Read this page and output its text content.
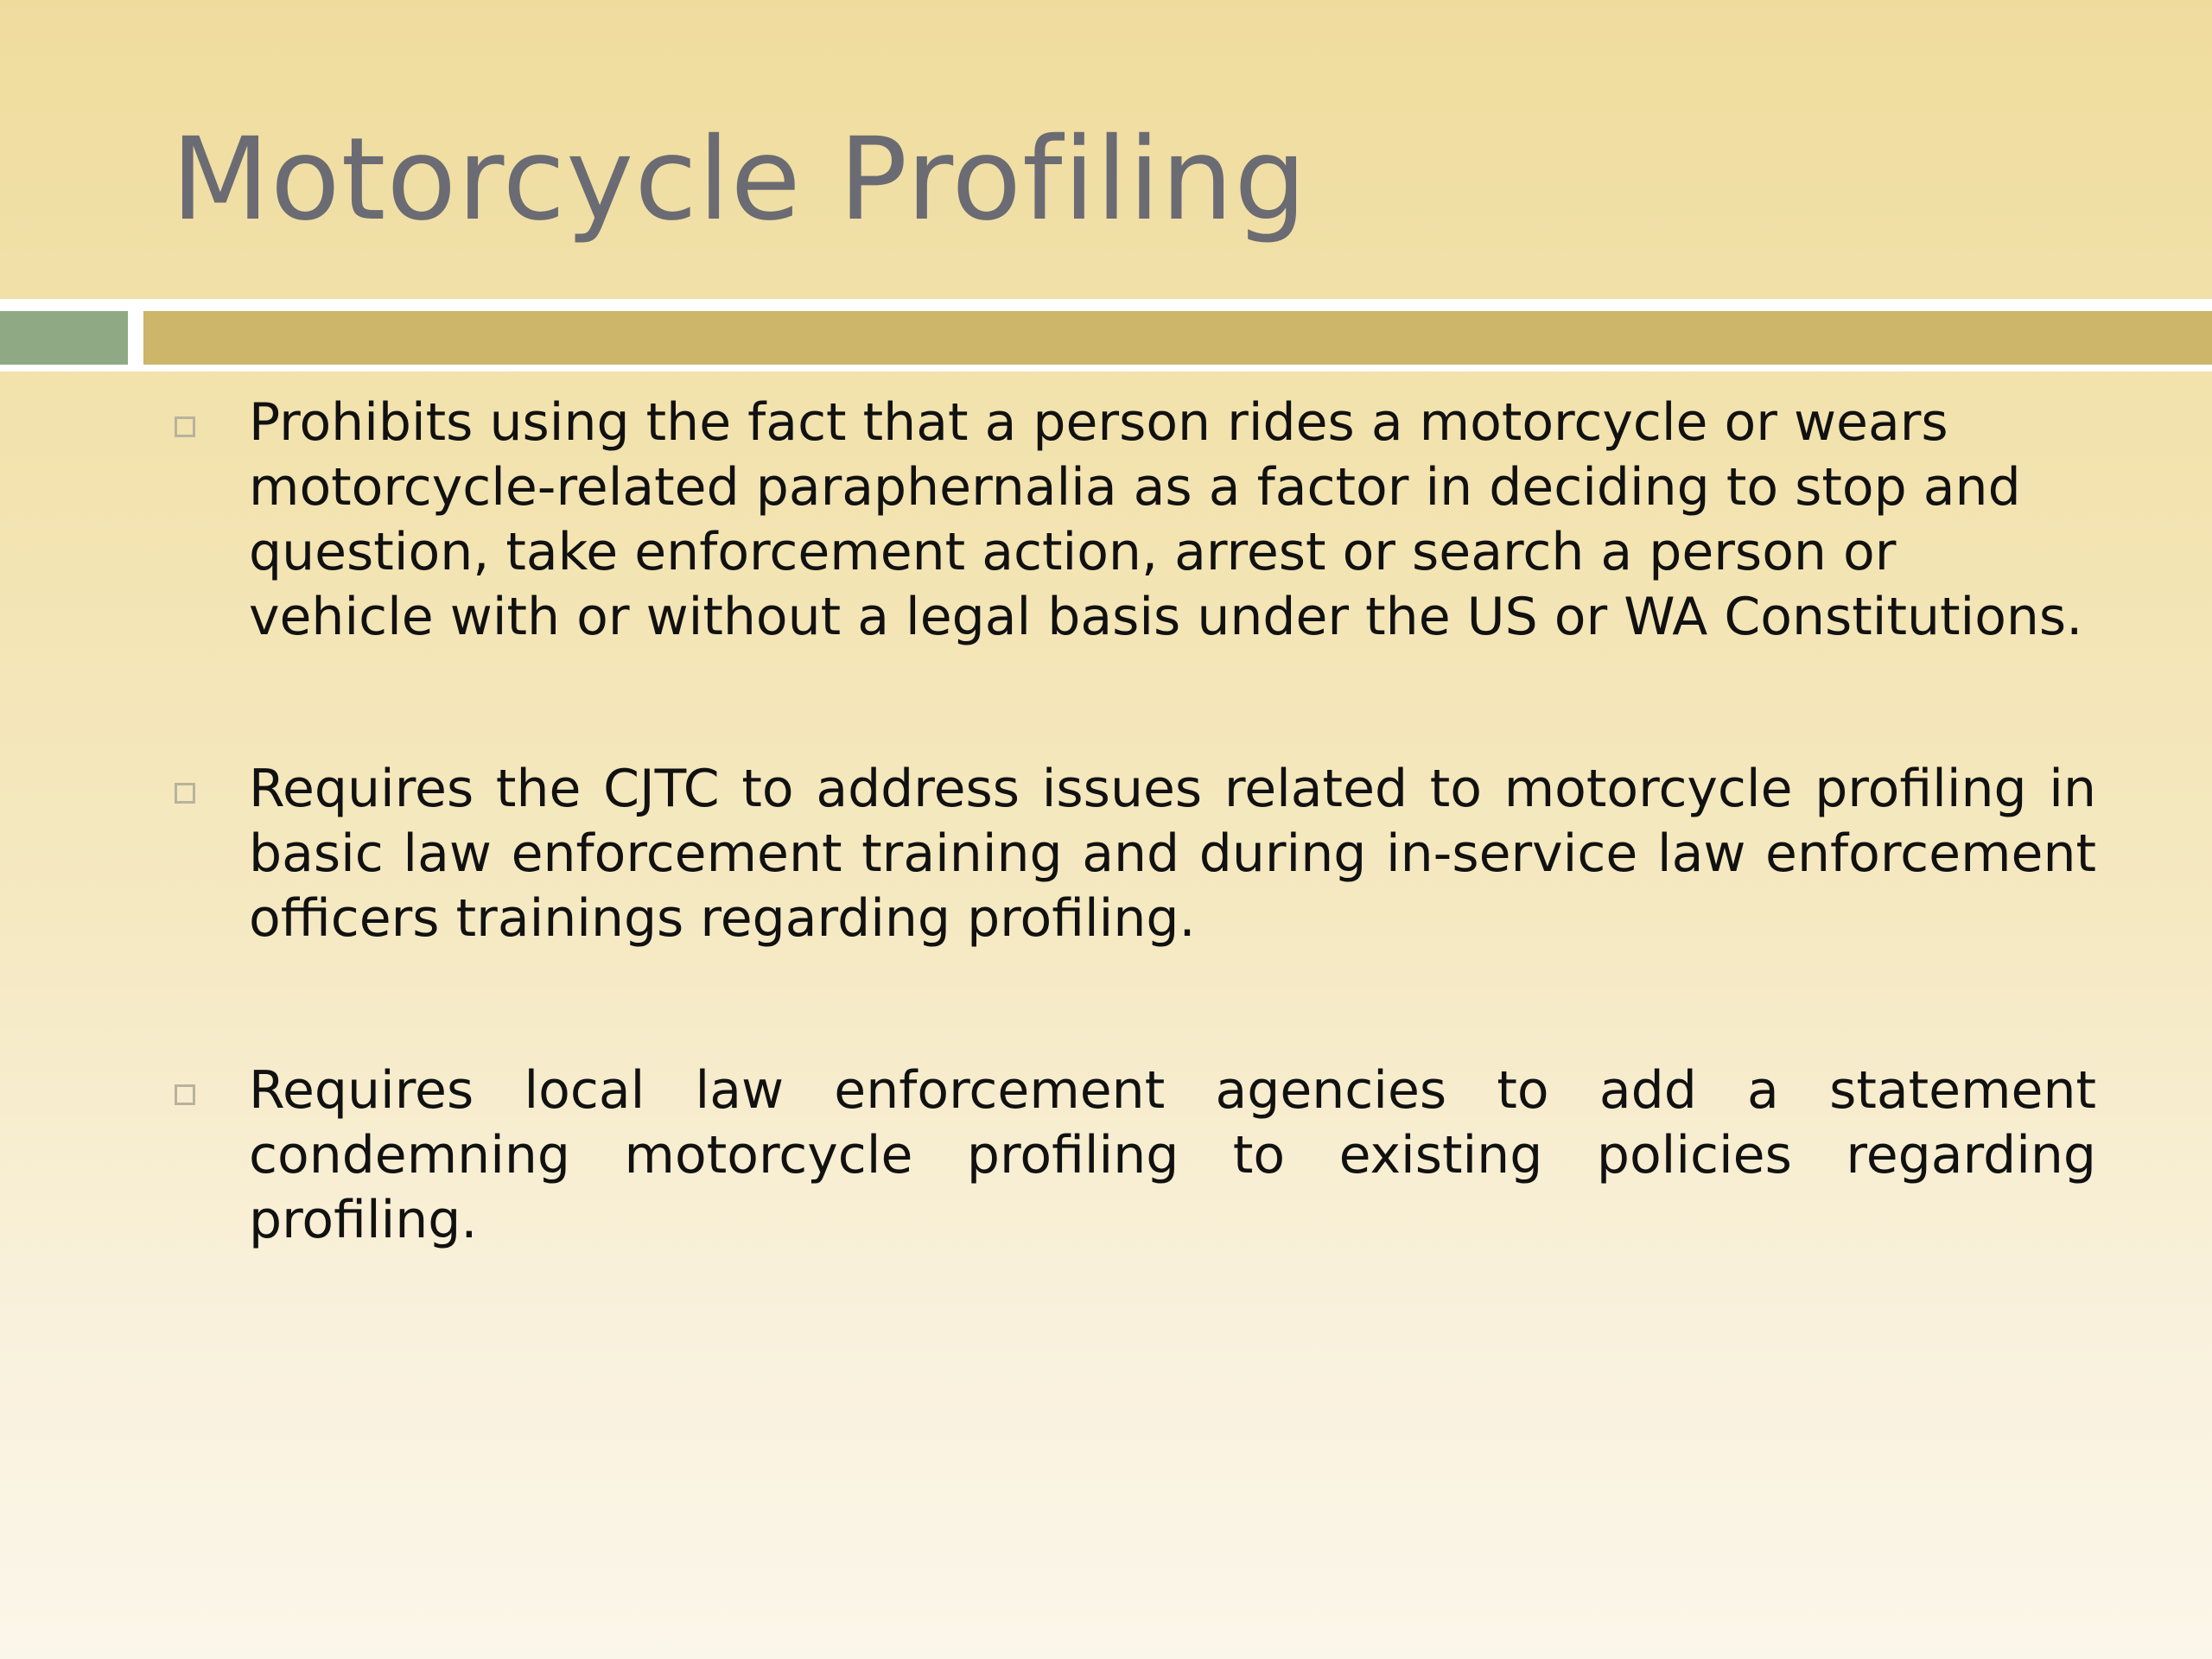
Motorcycle Profiling
Prohibits using the fact that a person rides a motorcycle or wears motorcycle-related paraphernalia as a factor in deciding to stop and question, take enforcement action, arrest or search a person or vehicle with or without a legal basis under the US or WA Constitutions.
Requires the CJTC to address issues related to motorcycle profiling in basic law enforcement training and during in-service law enforcement officers trainings regarding profiling.
Requires local law enforcement agencies to add a statement condemning motorcycle profiling to existing policies regarding profiling.
